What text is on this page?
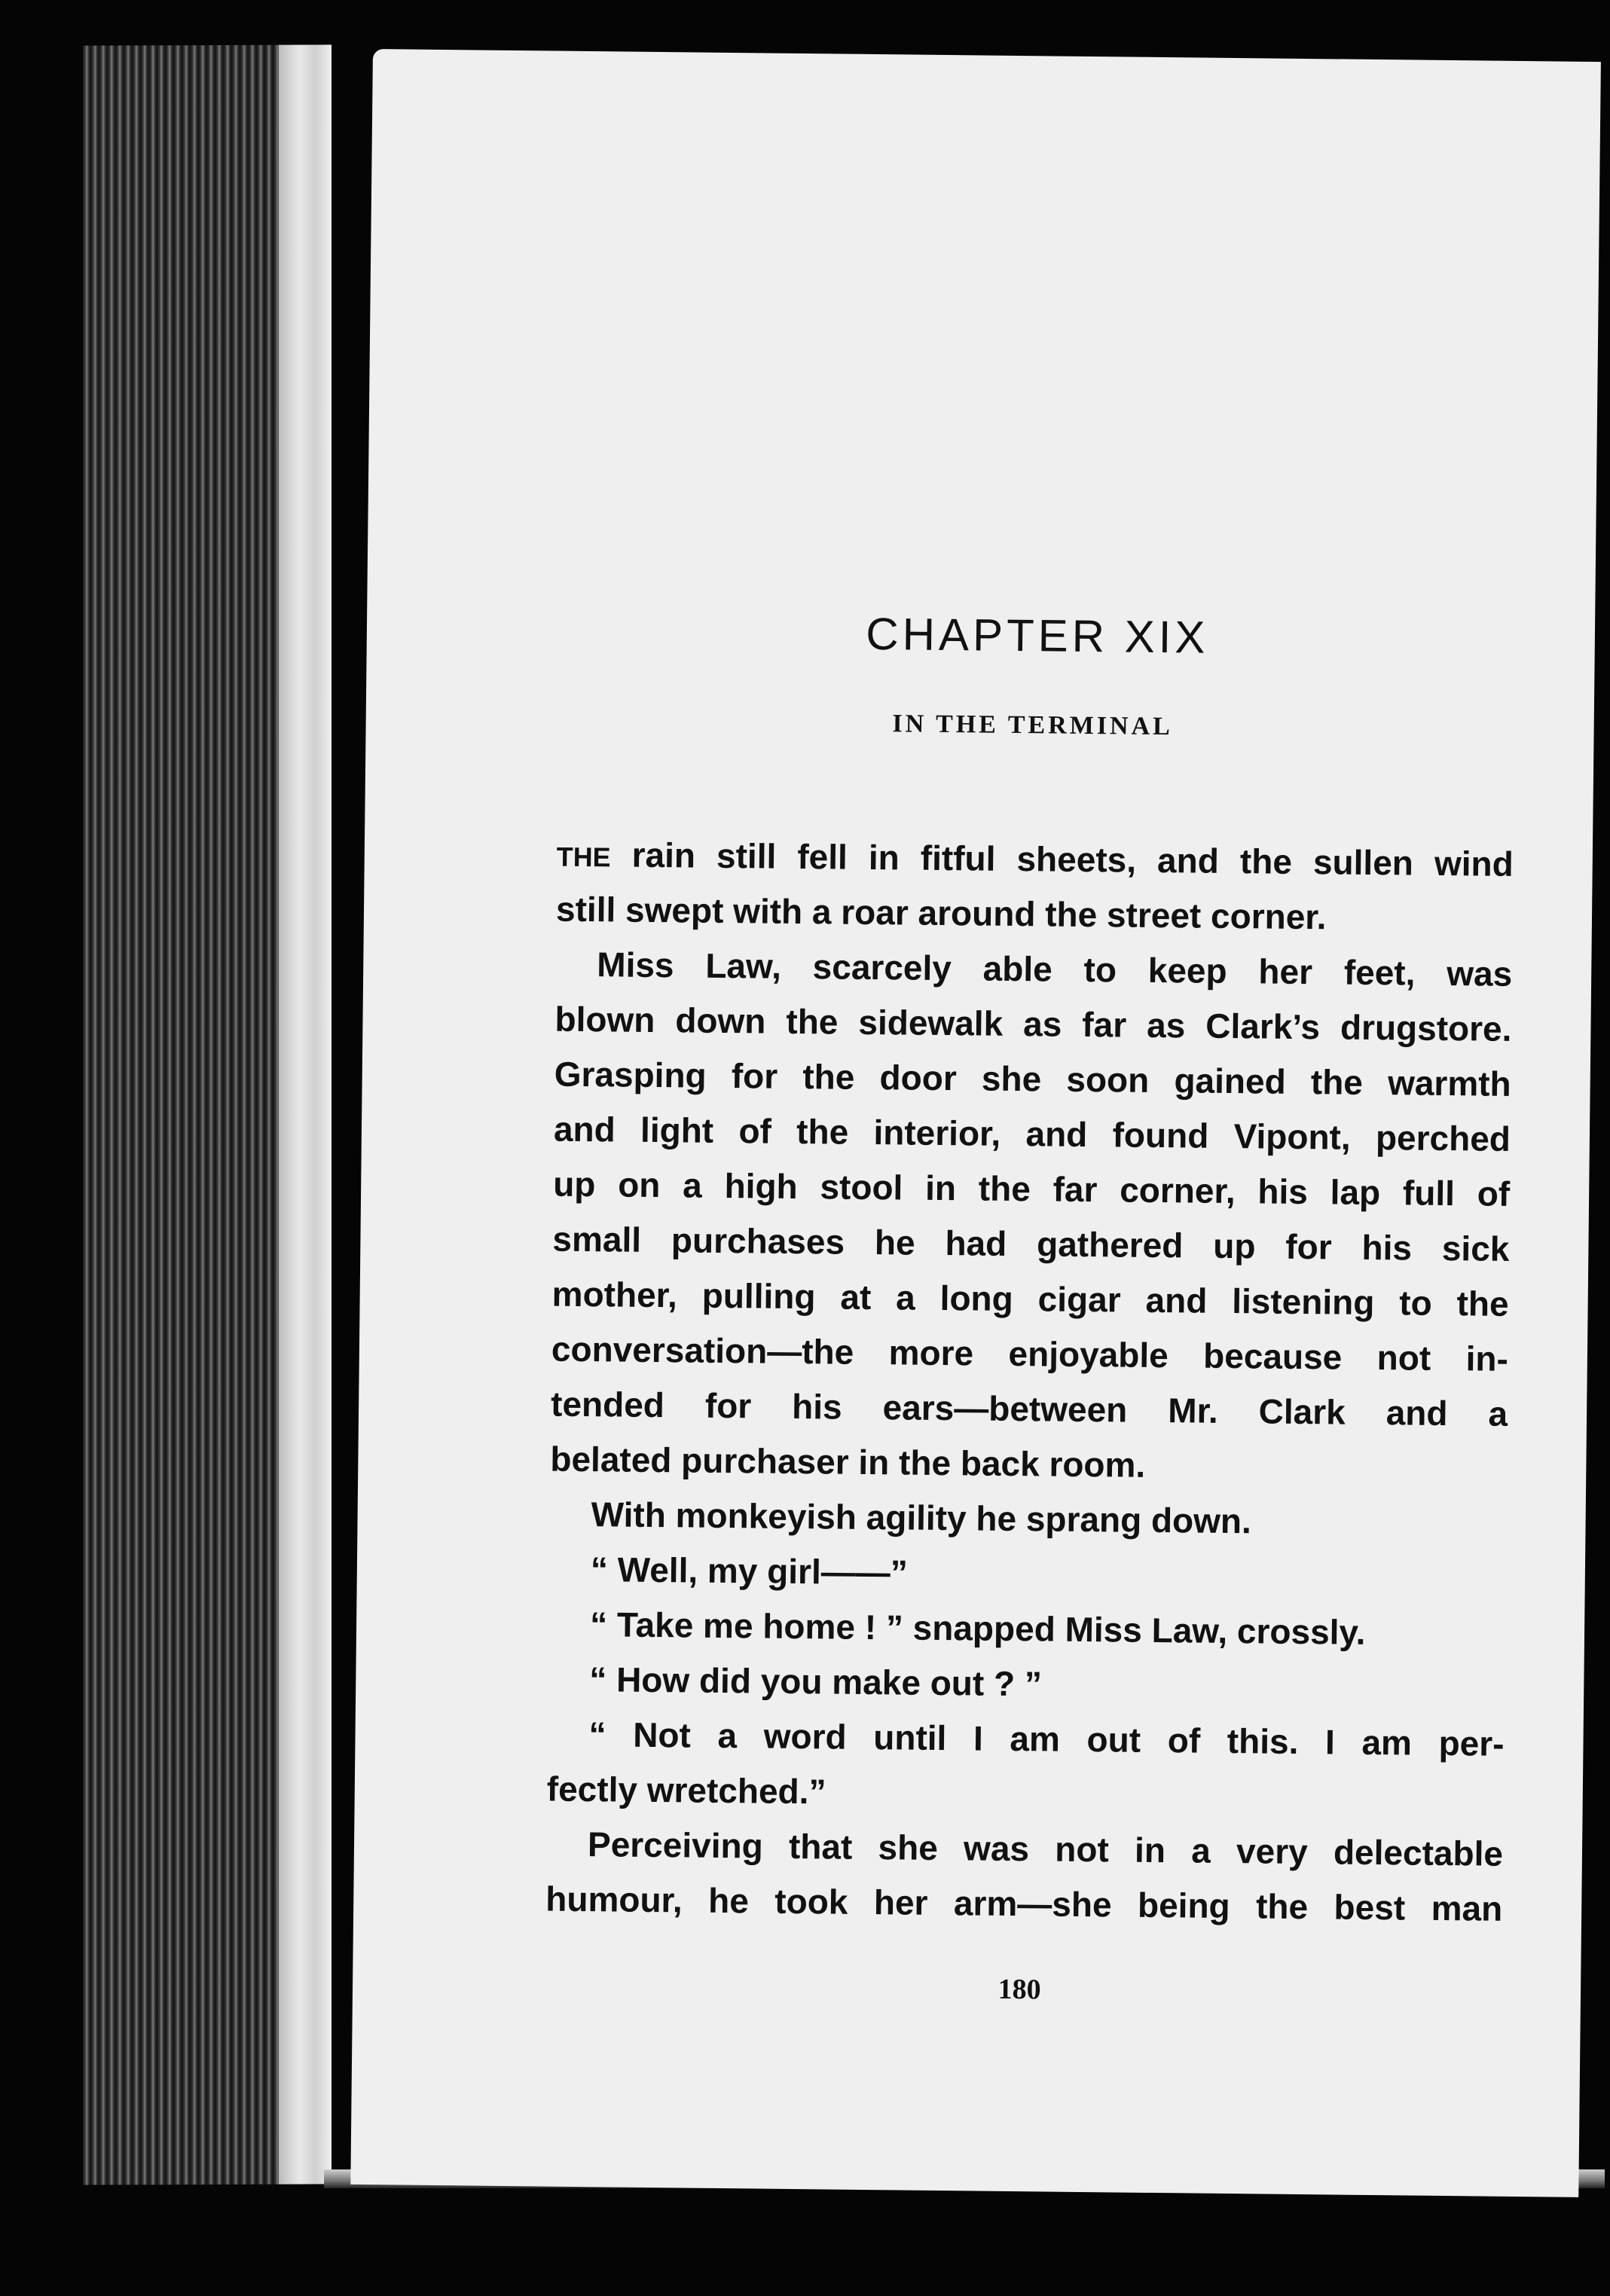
CHAPTER XIX
IN THE TERMINAL
THE rain still fell in fitful sheets, and the sullen wind
still swept with a roar around the street corner.
Miss Law, scarcely able to keep her feet, was
blown down the sidewalk as far as Clark’s drugstore.
Grasping for the door she soon gained the warmth
and light of the interior, and found Vipont, perched
up on a high stool in the far corner, his lap full of
small purchases he had gathered up for his sick
mother, pulling at a long cigar and listening to the
conversation—the more enjoyable because not in-
tended for his ears—between Mr. Clark and a
belated purchaser in the back room.
With monkeyish agility he sprang down.
“ Well, my girl——”
“ Take me home ! ” snapped Miss Law, crossly.
“ How did you make out ? ”
“ Not a word until I am out of this. I am per-
fectly wretched.”
Perceiving that she was not in a very delectable
humour, he took her arm—she being the best man
180
